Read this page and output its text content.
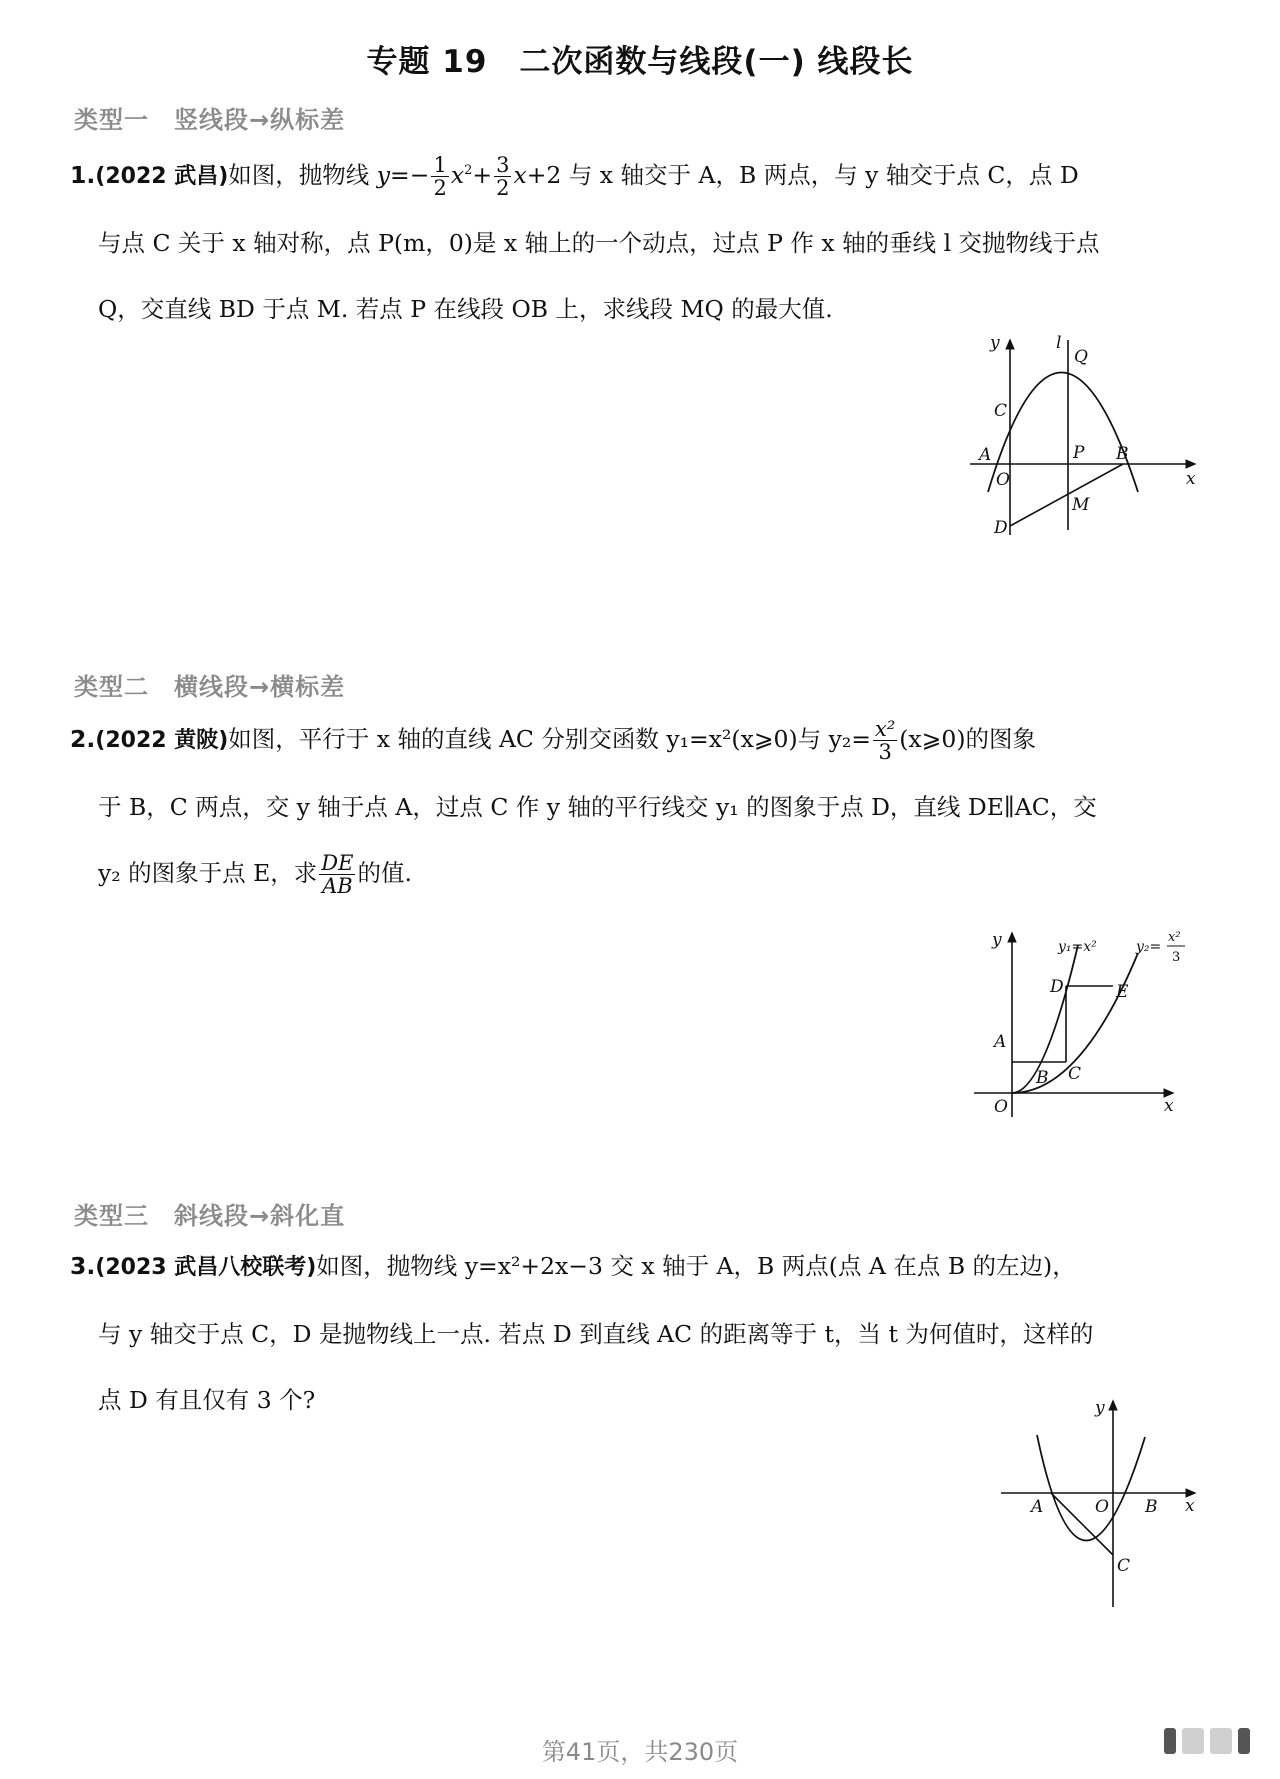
专题 19　二次函数与线段(一) 线段长
类型一　竖线段→纵标差
1.(2022 武昌)如图，抛物线 $y=- \frac{1}{2} x^2+ \frac{3}{2} x+2$ 与 x 轴交于 A，B 两点，与 y 轴交于点 C，点 D
与点 C 关于 x 轴对称，点 P(m，0)是 x 轴上的一个动点，过点 P 作 x 轴的垂线 l 交抛物线于点
Q，交直线 BD 于点 M. 若点 P 在线段 OB 上，求线段 MQ 的最大值.
y	l
Q
C
A
O
P B
x
M
D
类型二　横线段→横标差
2.(2022 黄陂)如图，平行于 x 轴的直线 AC 分别交函数 y₁=x²(x⩾0)与 $y_2= \frac{\text{x²}}{3}$ (x⩾0)的图象
于 B，C 两点，交 y 轴于点 A，过点 C 作 y 轴的平行线交 y₁ 的图象于点 D，直线 DE∥AC，交
y₂ 的图象于点 E，求 $\frac{DE}{AB}$ 的值.
y	y₁=x²	y₂=
x²
3
D	E
A
B C
O	x
类型三　斜线段→斜化直
3.(2023 武昌八校联考)如图，抛物线 y=x²+2x−3 交 x 轴于 A，B 两点(点 A 在点 B 的左边)，
与 y 轴交于点 C，D 是抛物线上一点. 若点 D 到直线 AC 的距离等于 t，当 t 为何值时，这样的
点 D 有且仅有 3 个?	y
A	O B x
C
第41页，共230页
